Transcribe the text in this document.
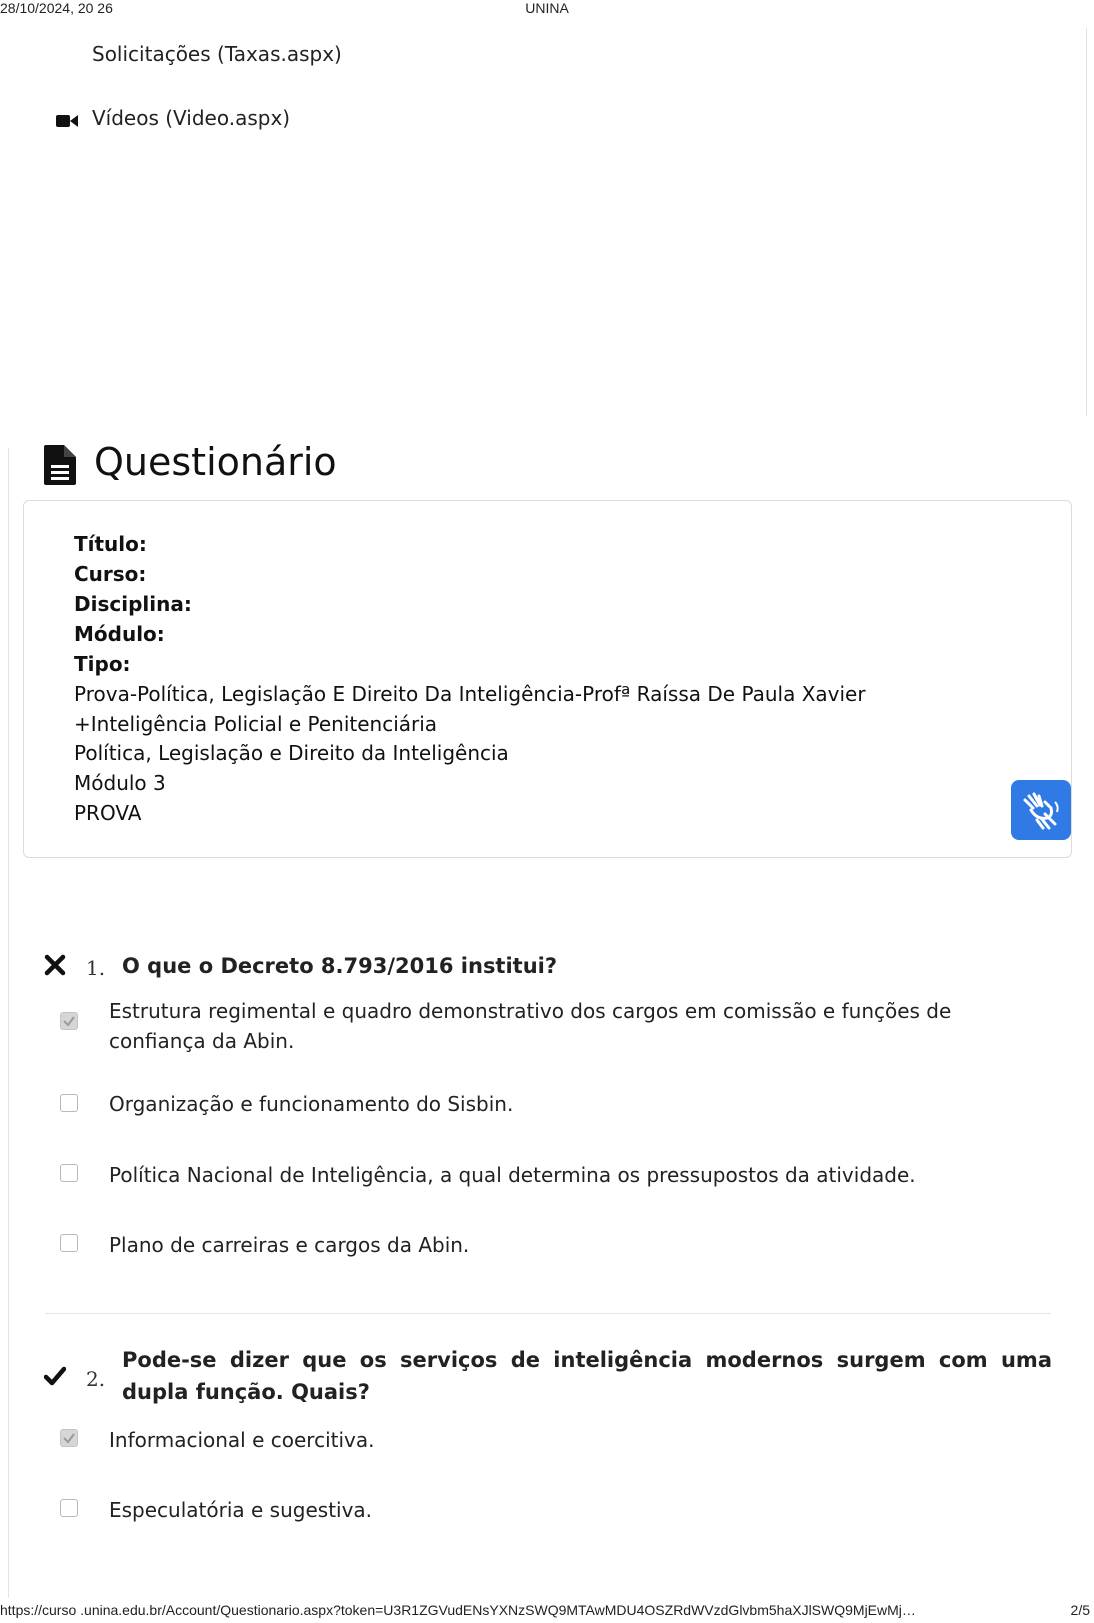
28/10/2024, 20 26	UNINA
Solicitações (Taxas.aspx)
Vídeos (Video.aspx)
Questionário
Título:
Curso:
Disciplina:
Módulo:
Tipo:
Prova-Política, Legislação E Direito Da Inteligência-Profª Raíssa De Paula Xavier
+Inteligência Policial e Penitenciária
Política, Legislação e Direito da Inteligência
Módulo 3
PROVA
1. O que o Decreto 8.793/2016 institui?
Estrutura regimental e quadro demonstrativo dos cargos em comissão e funções de confiança da Abin.
Organização e funcionamento do Sisbin.
Política Nacional de Inteligência, a qual determina os pressupostos da atividade.
Plano de carreiras e cargos da Abin.
2.
Pode-se dizer que os serviços de inteligência modernos surgem com uma dupla função. Quais?
Informacional e coercitiva.
Especulatória e sugestiva.
https://curso .unina.edu.br/Account/Questionario.aspx?token=U3R1ZGVudENsYXNzSWQ9MTAwMDU4OSZRdWVzdGlvbm5haXJlSWQ9MjEwMj…	2/5
